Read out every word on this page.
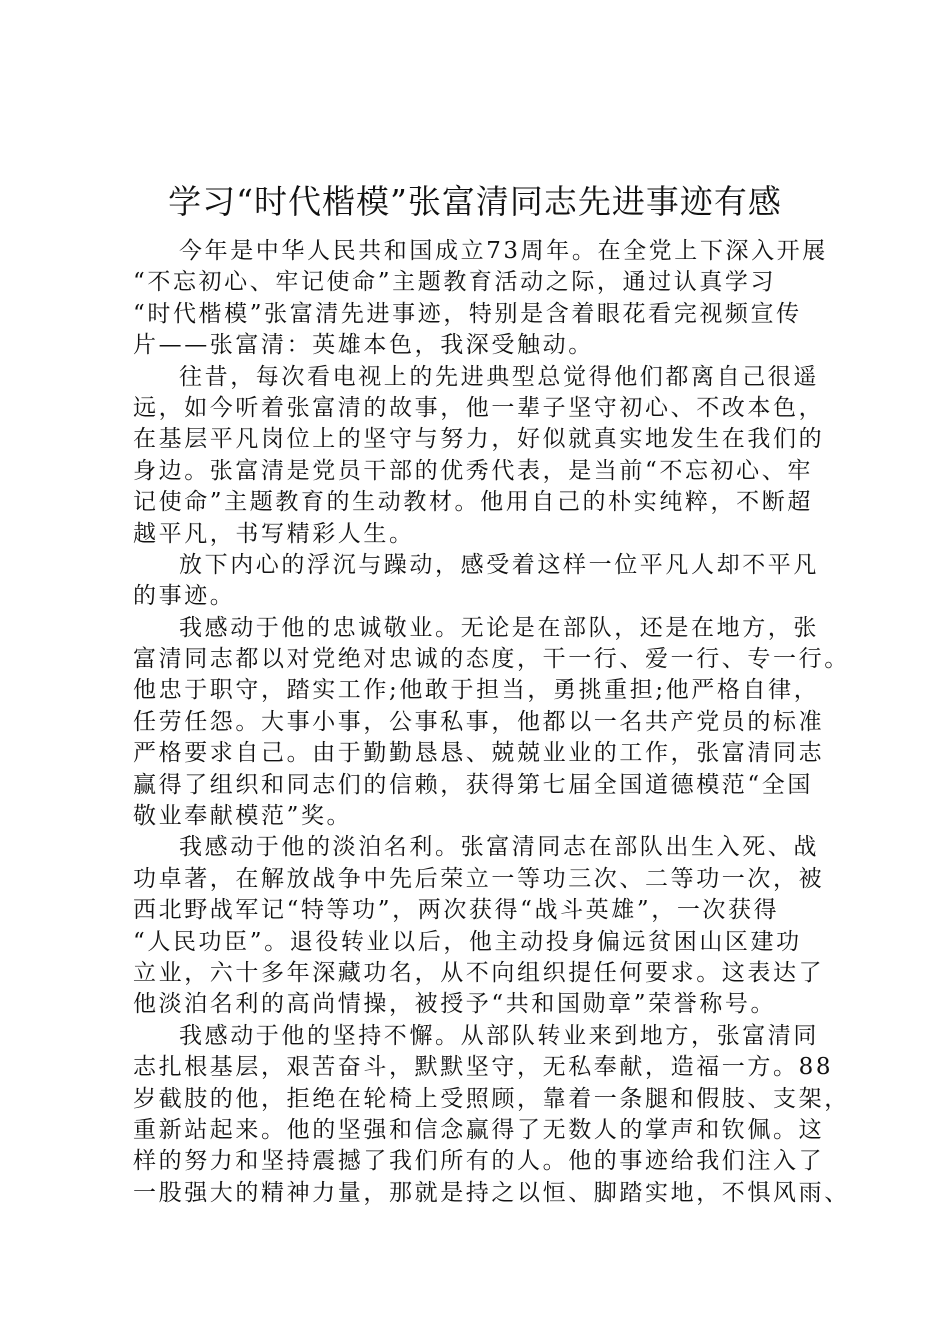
学习“时代楷模”张富清同志先进事迹有感

今年是中华人民共和国成立73周年。在全党上下深入开展
“不忘初心、牢记使命”主题教育活动之际，通过认真学习
“时代楷模”张富清先进事迹，特别是含着眼花看完视频宣传
片——张富清：英雄本色，我深受触动。

往昔，每次看电视上的先进典型总觉得他们都离自己很遥
远，如今听着张富清的故事，他一辈子坚守初心、不改本色，
在基层平凡岗位上的坚守与努力，好似就真实地发生在我们的
身边。张富清是党员干部的优秀代表，是当前“不忘初心、牢
记使命”主题教育的生动教材。他用自己的朴实纯粹，不断超
越平凡，书写精彩人生。

放下内心的浮沉与躁动，感受着这样一位平凡人却不平凡
的事迹。

我感动于他的忠诚敬业。无论是在部队，还是在地方，张
富清同志都以对党绝对忠诚的态度，干一行、爱一行、专一行。
他忠于职守，踏实工作;他敢于担当，勇挑重担;他严格自律，
任劳任怨。大事小事，公事私事，他都以一名共产党员的标准
严格要求自己。由于勤勤恳恳、兢兢业业的工作，张富清同志
赢得了组织和同志们的信赖，获得第七届全国道德模范“全国
敬业奉献模范”奖。

我感动于他的淡泊名利。张富清同志在部队出生入死、战
功卓著，在解放战争中先后荣立一等功三次、二等功一次，被
西北野战军记“特等功”，两次获得“战斗英雄”，一次获得
“人民功臣”。退役转业以后，他主动投身偏远贫困山区建功
立业，六十多年深藏功名，从不向组织提任何要求。这表达了
他淡泊名利的高尚情操，被授予“共和国勋章”荣誉称号。

我感动于他的坚持不懈。从部队转业来到地方，张富清同
志扎根基层，艰苦奋斗，默默坚守，无私奉献，造福一方。88
岁截肢的他，拒绝在轮椅上受照顾，靠着一条腿和假肢、支架，
重新站起来。他的坚强和信念赢得了无数人的掌声和钦佩。这
样的努力和坚持震撼了我们所有的人。他的事迹给我们注入了
一股强大的精神力量，那就是持之以恒、脚踏实地，不惧风雨、
